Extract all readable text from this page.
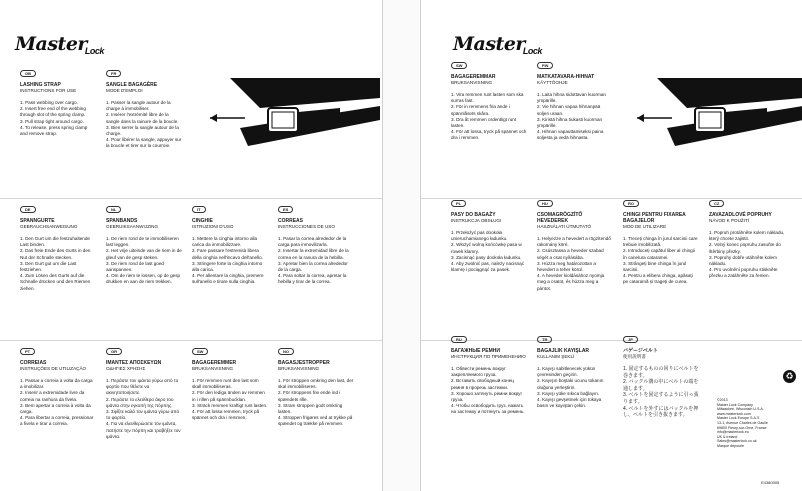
Master$_{Lock}$
GB
LASHING STRAP
INSTRUCTIONS FOR USE
1. Pass webbing over cargo.
2. Insert free end of the webbing through slot of the spring clamp.
3. Pull strap tight around cargo.
4. To release, press spring clamp and remove strap.
FR
SANGLE BAGAGÈRE
MODE D'EMPLOI
1. Passer la sangle autour de la charge à immobiliser.
2. Insérer l'extrémité libre de la sangle dans la rainure de la boucle.
3. Bien serrer la sangle autour de la charge.
4. Pour libérer la sangle, appuyer sur la boucle et tirer sur la courroie.
DE
SPANNGURTE
GEBRAUCHSANWEISUNG
1. Den Gurt um die festzuhaltende Last binden.
2. Das freie Ende des Gurts in den Nut der Schnalle stecken.
3. Den Gurt gut um die Last festziehen.
4. Zum Lösen des Gurts auf die Schnalle drücken und den Riemen ziehen.
NL
SPANBANDS
GEBRUIKSAANWIJZING
1. De riem rond de te immobiliseren last leggen.
2. Het vrije uiteinde van de riem in de gleuf van de gesp steken.
3. De riem rond de last goed aanspannen.
4. Om de riem te lossen, op de gesp drukken en aan de riem trekken.
IT
CINGHIE
ISTRUZIONI D'USO
1. Mettere la cinghia intorno alla carica da immobilizzare.
2. Fare passare l'estremità libera della cinghia nell'incavo dell'anello.
3. Stringere forte la cinghia intorno alla carica.
4. Per allentare la cinghia, premere sull'anello e tirare sulla cinghia.
ES
CORREAS
INSTRUCCIONES DE USO
1. Pasar la correa alrededor de la carga para inmovilizarla.
2. Insertar la extremidad libre de la correa en la ranura de la hebilla.
3. Apretar bien la correa alrededor de la carga.
4. Para soltar la correa, apretar la hebilla y tirar de la correa.
PT
CORREIAS
INSTRUÇÕES DE UTILIZAÇÃO
1. Passar a correia à volta da carga a imobilizar.
2. Inserir a extremidade livre da correia na ranhura da fivela.
3. Bem apertar a correia à volta da carga.
4. Para libertar a correia, pressionar a fivela e tirar a correia.
GR
ΙΜΑΝΤΕΣ ΑΠΟΣΚΕΥΩΝ
ΟΔΗΓΙΕΣ ΧΡΗΣΗΣ
1. Περάστε τον ιμάντα γύρω από το φορτίο που θέλετε να ακινητοποιήσετε.
2. Περάστε το ελεύθερο άκρο του ιμάντα στην εγκοπή της πόρπης.
3. Σφίξτε καλά τον ιμάντα γύρω από το φορτίο.
4. Για να ελευθερώσετε τον ιμάντα, πατήστε την πόρπη και τραβήξτε τον ιμάντα.
SW
BAGAGEREMMER
BRUKSANVISNING
1. För remmen runt den last som skall immobiliseras.
2. För den lediga änden av remmen in i rillen på spännbucklan.
3. Sträck remmen kraftigt runt lasten.
4. För att lossa remmen, tryck på spännet och dra i remmen.
NO
BAGASJESTROPPER
BRUKSANVISNING
1. För stroppen omkring den last, der skal immobiliseres.
2. För stroppens frie ende ind i spændets rille.
3. Stram stroppen godt omkring lasten.
4. Stroppen frigøres ved at trykke på spændet og trække på remmen.
Master$_{Lock}$
SW
BAGAGEREMMAR
BRUKSANVISNING
1. Vira remmen runt lasten som ska surras fast.
2. För in remmens fria ände i spännlåsets skåra.
3. Dra åt remmen ordentligt runt lasten.
4. För att lossa, tryck på spännet och dra i remmen.
FIN
MATKATAVARA-HIHNAT
KÄYTTÖOHJE
1. Laita hihna sidottavan kuorman ympärille.
2. Vie hihnan vapaa hihnanpää soljen uraan.
3. Kiristä hihna tiukasti kuorman ympärille.
4. Hihnan vapauttamiseksi paina soljesta ja vedä hihnasta.
PL
PASY DO BAGAŻY
INSTRUKCJA OBSŁUGI
1. Przełożyć pas dookoła unieruchamianego ładunku.
2. Włożyć wolną końcówkę pasa w rowek klamry.
3. Zacisnąć pasy dookoła ładunku.
4. Aby zwolnić pas, należy nacisnąć klamrę i pociągnąć za pasek.
HU
CSOMAGRÖGZÍTŐ HEVEDEREK
HASZNÁLATI ÚTMUTATÓ
1. Helyezze a hevedert a rögzítendő rakomány köré.
2. Csúsztassa a heveder szabad végét a csat nyílásába.
3. Húzza meg határozottan a hevedert a teher körül.
4. A heveder kioldásához nyomja meg a csatot, és húzza meg a pántot.
RO
CHINGI PENTRU FIXAREA BAGAJELOR
MOD DE UTILIZARE
1. Treceți chinga în jurul sarcinii care trebuie imobilizată.
2. Introduceți capătul liber al chingii în canelura cataramei.
3. Strângeți bine chinga în jurul sarcinii.
4. Pentru a elibera chinga, apăsați pe cataramă și trageți de curea.
CZ
ZAVAZADLOVÉ POPRUHY
NÁVOD K POUŽITÍ
1. Popruh protáhněte kolem nákladu, který chcete zajistit.
2. Volný konec popruhu zasuňte do štěrbiny přezky.
3. Popruhy dobře utáhněte kolem nákladu.
4. Pro uvolnění popruhu stiskněte přezku a zatáhněte za řemen.
RU
БАГАЖНЫЕ РЕМНИ
ИНСТРУКЦИЯ ПО ПРИМЕНЕНИЮ
1. Обвести ремень вокруг закрепляемого груза.
2. Вставить свободный конец ремня в прорезь застежки.
3. Хорошо затянуть ремни вокруг груза.
4. Чтобы освободить груз, нажать на застежку и потянуть за ремень.
TR
BAGAJLIK KAYIŞLAR
KULLANIM ŞEKLİ
1. Kayışı sabitlenecek yükün çevresinden geçirin.
2. Kayışın boştaki ucunu tokanın oluğuna yerleştirin.
3. Kayışı yüke sıkıca bağlayın.
4. Kayışı gevşetmek için tokaya basın ve kayıştan çekin.
JP
バゲージベルト
使用説明書
1. 固定するものの回りにベルトを巻きます。
2. バックル溝の中にベルトの端を通します。
3. ベルトを固定するように引っ張ります。
4. ベルトを外すにはバックルを押し、ベルトを引き抜きます。
©2013
Master Lock Company
Milwaukee, Wisconsin U.S.A.
www.masterlock.com
Master Lock Europe S.A.S
13-1, Avenue Charles de Gaulle
69800 Fleury-sur-Orne, France
info@masterlock.eu
UK & Ireland
Sales@masterlock.co.uk
Marque déposée
♻
E4380005
